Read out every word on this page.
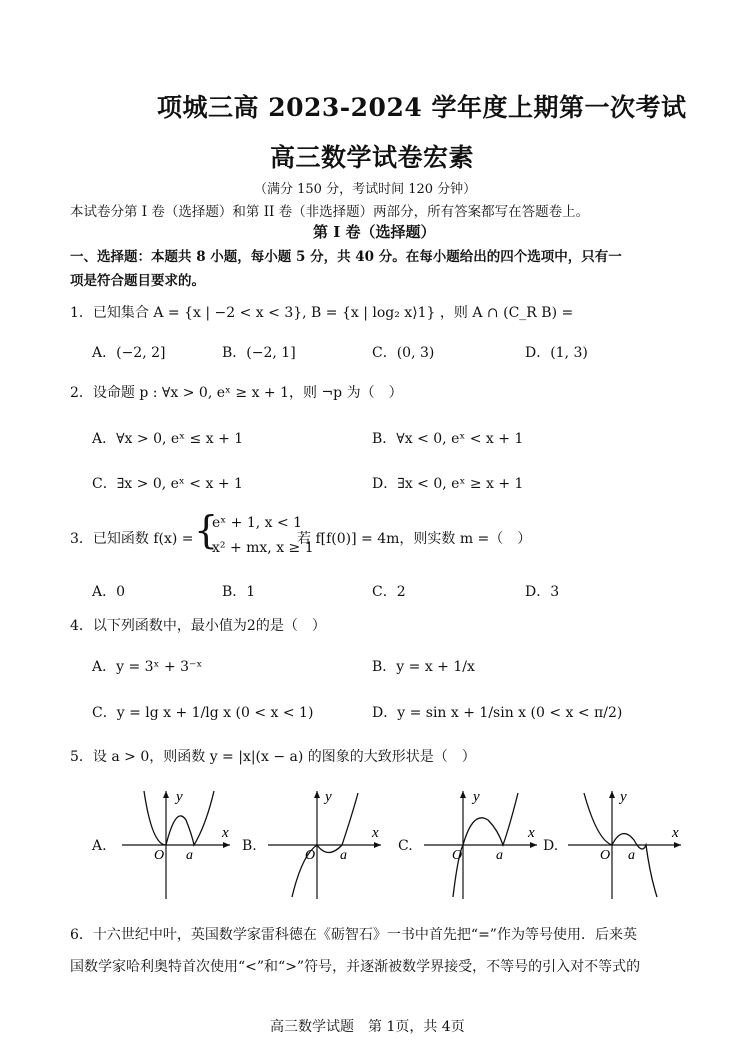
项城三高 2023-2024 学年度上期第一次考试
高三数学试卷宏素
（满分 150 分，考试时间 120 分钟）
本试卷分第 I 卷（选择题）和第 II 卷（非选择题）两部分，所有答案都写在答题卷上。
第 I 卷（选择题）
一、选择题：本题共 8 小题，每小题 5 分，共 40 分。在每小题给出的四个选项中，只有一
项是符合题目要求的。
1．已知集合 A = {x | −2 < x < 3}, B = {x | log₂ x⟩1} ，则 A ∩ (C_R B) =
A．(−2, 2]	B．(−2, 1]	C．(0, 3)	D．(1, 3)
2．设命题 p : ∀x > 0, eˣ ≥ x + 1，则 ¬p 为（　）
A．∀x > 0, eˣ ≤ x + 1	B．∀x < 0, eˣ < x + 1
C．∃x > 0, eˣ < x + 1	D．∃x < 0, eˣ ≥ x + 1
3．已知函数 f(x) = {
eˣ + 1, x < 1
x² + mx, x ≥ 1
若 f[f(0)] = 4m，则实数 m =（　）
A．0	B．1	C．2	D．3
4．以下列函数中，最小值为2的是（　）
A．y = 3ˣ + 3⁻ˣ	B．y = x + 1/x
C．y = lg x + 1/lg x (0 < x < 1)	D．y = sin x + 1/sin x (0 < x < π/2)
5．设 a > 0，则函数 y = |x|(x − a) 的图象的大致形状是（　）
A.
y
x
O a
B.
y
x
O a
C.
y
x
O a
D.
y
x
O a
6．十六世纪中叶，英国数学家雷科德在《砺智石》一书中首先把“=”作为等号使用．后来英
国数学家哈利奥特首次使用“<”和“>”符号，并逐渐被数学界接受，不等号的引入对不等式的
高三数学试题　第 1页，共 4页
